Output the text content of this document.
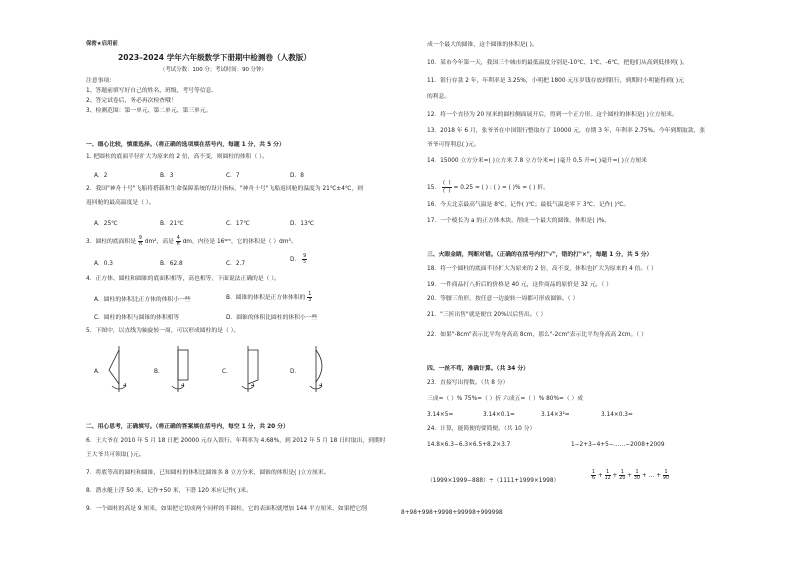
保密★启用前
2023–2024 学年六年级数学下册期中检测卷（人教版）
（考试分数：100 分；考试时间：90 分钟）
注意事项：
1、答题前填写好自己的姓名、班级、考号等信息。
2、答完试卷后，务必再次检查哦！
3、检测范围：第一单元、第二单元、第三单元。
一、细心比较，慎重选择。（将正确的选项填在括号内，每题 1 分，共 5 分）
1. 把圆柱的底面半径扩大为原来的 2 倍，高不变，则圆柱的体积（ ）。
A．2	B．3	C．7	D．8
2．我国"神舟十号"飞船将搭载和生命保障系统的设计指标，"神舟十号"飞船返回舱的温度为 21℃±4℃，则
返回舱的最高温度是（ ）。
A．25℃	B．21℃	C．17℃	D．13℃
3．圆柱的底面积是 $\frac{9}{\pi} dm^2$，高是 $\frac{4}{\pi}$ dm，内径是 16ʷᵐ，它的体积是（ ）dm³。
A．0.3	B．62.8	C．2.7
D． $\frac{9}{5}$
4．正方体、圆柱和圆锥的底面积相等，高也相等，下面说法正确的是（ ）。
A．圆柱的体积比正方体的体积小一些	B．圆锥的体积是正方体体积的 $\frac{1}{3}$
C．圆柱的体积与圆锥的体积相等	D．圆锥的体积比圆柱的体积小一些
5．下图中，以直线为轴旋转一周，可以形成圆柱的是（ ）。
A．	B．	C．	D．
二、用心思考，正确填写。（将正确的答案填在括号内，每空 1 分，共 20 分）
6．王大爷在 2010 年 5 月 18 日把 20000 元存入银行，年利率为 4.68%，到 2012 年 5 月 18 日时取出，到期时
王大爷共可领取( )元。
7．将底等高的圆柱和圆锥，已知圆柱的体积比圆锥多 8 立方分米，圆锥的体积是( )立方厘米。
8．潜水艇上浮 50 米，记作+50 米，下潜 120 米应记作( )米。
9．一个圆柱的高是 9 厘米，如果把它切成两个同样的半圆柱，它的表面积就增加 144 平方厘米，如果把它削
成一个最大的圆锥，这个圆锥的体积是( )。
10．某市今年第一天，我国三个城市的最低温度分别是-10℃、1℃、-6℃，把他们从高到低排列( )。
11．银行存款 2 年，年利率是 3.25%，小明把 1800 元压岁钱存放到银行，到期时小明能得到( )元
的利息。
12．将一个直径为 20 厘米的圆柱侧面展开后，得到一个正方形。这个圆柱的体积是( )立方厘米。
13．2018 年 6 月，张爷爷在中国银行整取存了 10000 元，存期 3 年，年利率 2.75%。今年到期取款，张
爷爷可得利息( )元。
14．15000 立方分米=( )立方米 7.8 立方分米=( )毫升 0.5 升=( )毫升=( )立方厘米
15． $\frac{( )}{( )} = 0.25$ = ( ) : ( ) = ( )% = ( ) 折。
16．今天北京最高气温是 8℃，记作( )℃；最低气温是零下 3℃，记作( )℃。
17．一个棱长为 a 的正方体木块，削成一个最大的圆锥，体积是( )%。
三、火眼金睛，判断对错。（正确的在括号内打"√"，错的打"×"，每题 1 分，共 5 分）
18．将一个圆柱的底面半径扩大为原来的 2 倍，高不变，体积也扩大为原来的 4 倍。（ ）
19．一件商品打八折后的价格是 40 元，这件商品的原价是 32 元。（ ）
20．等腰三角形，按任意一边旋转一周都可形成圆锥。（ ）
21．"三折出售"就是便宜 20%以后售出。（ ）
22．如果"-8cm"表示比平均身高高 8cm，那么"-2cm"表示比平均身高高 2cm。（ ）
四、一丝不苟，准确计算。（共 34 分）
23．直接写出得数。（共 8 分）
三成=（ ）% 75%=（ ）折 六成五=（ ）% 80%=（ ）成
3.14×5=	3.14×0.1=	3.14×3²=	3.14×0.3=
24．计算，能简便的要简便。（共 10 分）
14.8×6.3−6.3×6.5+8.2×3.7	1−2+3−4+5−……−2008+2009
（1999×1999−888）÷（1111+1999×1998）	$\frac{1}{6} + \frac{1}{12} + \frac{1}{20} + \frac{1}{30}$ + … + $\frac{1}{90}$
8+98+998+9998+99998+999998
